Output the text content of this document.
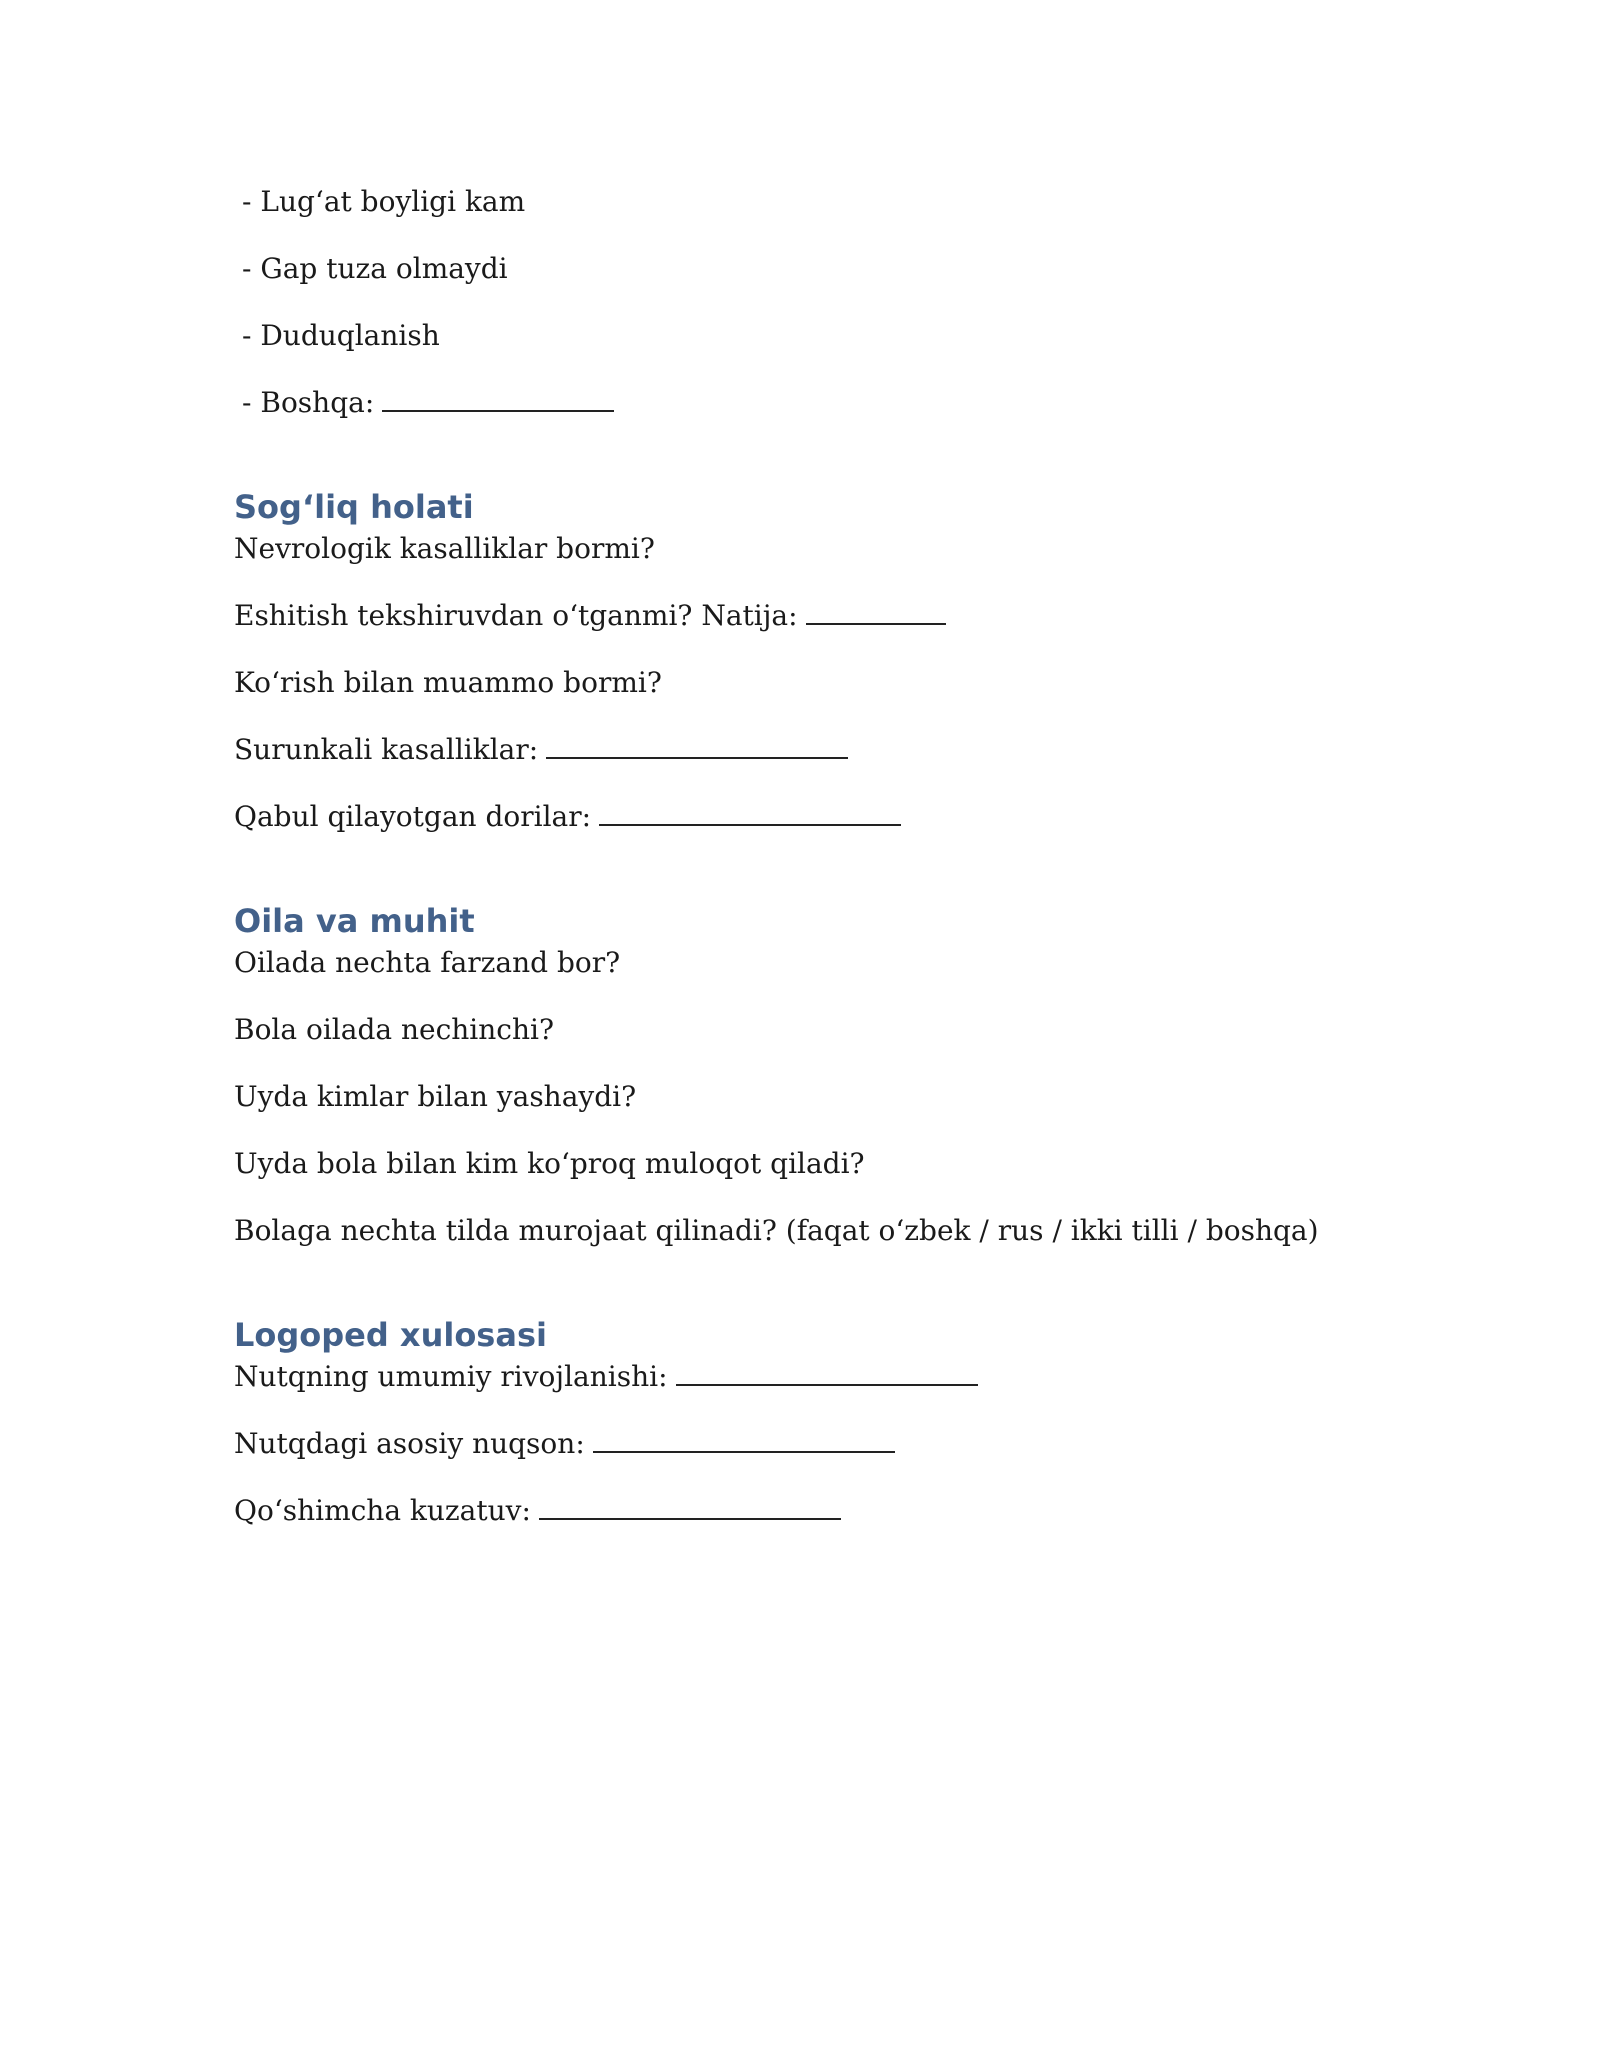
- Lug‘at boyligi kam

- Gap tuza olmaydi

- Duduqlanish

- Boshqa:

Sog‘liq holati

Nevrologik kasalliklar bormi?

Eshitish tekshiruvdan o‘tganmi? Natija:

Ko‘rish bilan muammo bormi?

Surunkali kasalliklar:

Qabul qilayotgan dorilar:

Oila va muhit

Oilada nechta farzand bor?

Bola oilada nechinchi?

Uyda kimlar bilan yashaydi?

Uyda bola bilan kim ko‘proq muloqot qiladi?

Bolaga nechta tilda murojaat qilinadi? (faqat o‘zbek / rus / ikki tilli / boshqa)

Logoped xulosasi

Nutqning umumiy rivojlanishi:

Nutqdagi asosiy nuqson:

Qo‘shimcha kuzatuv:
